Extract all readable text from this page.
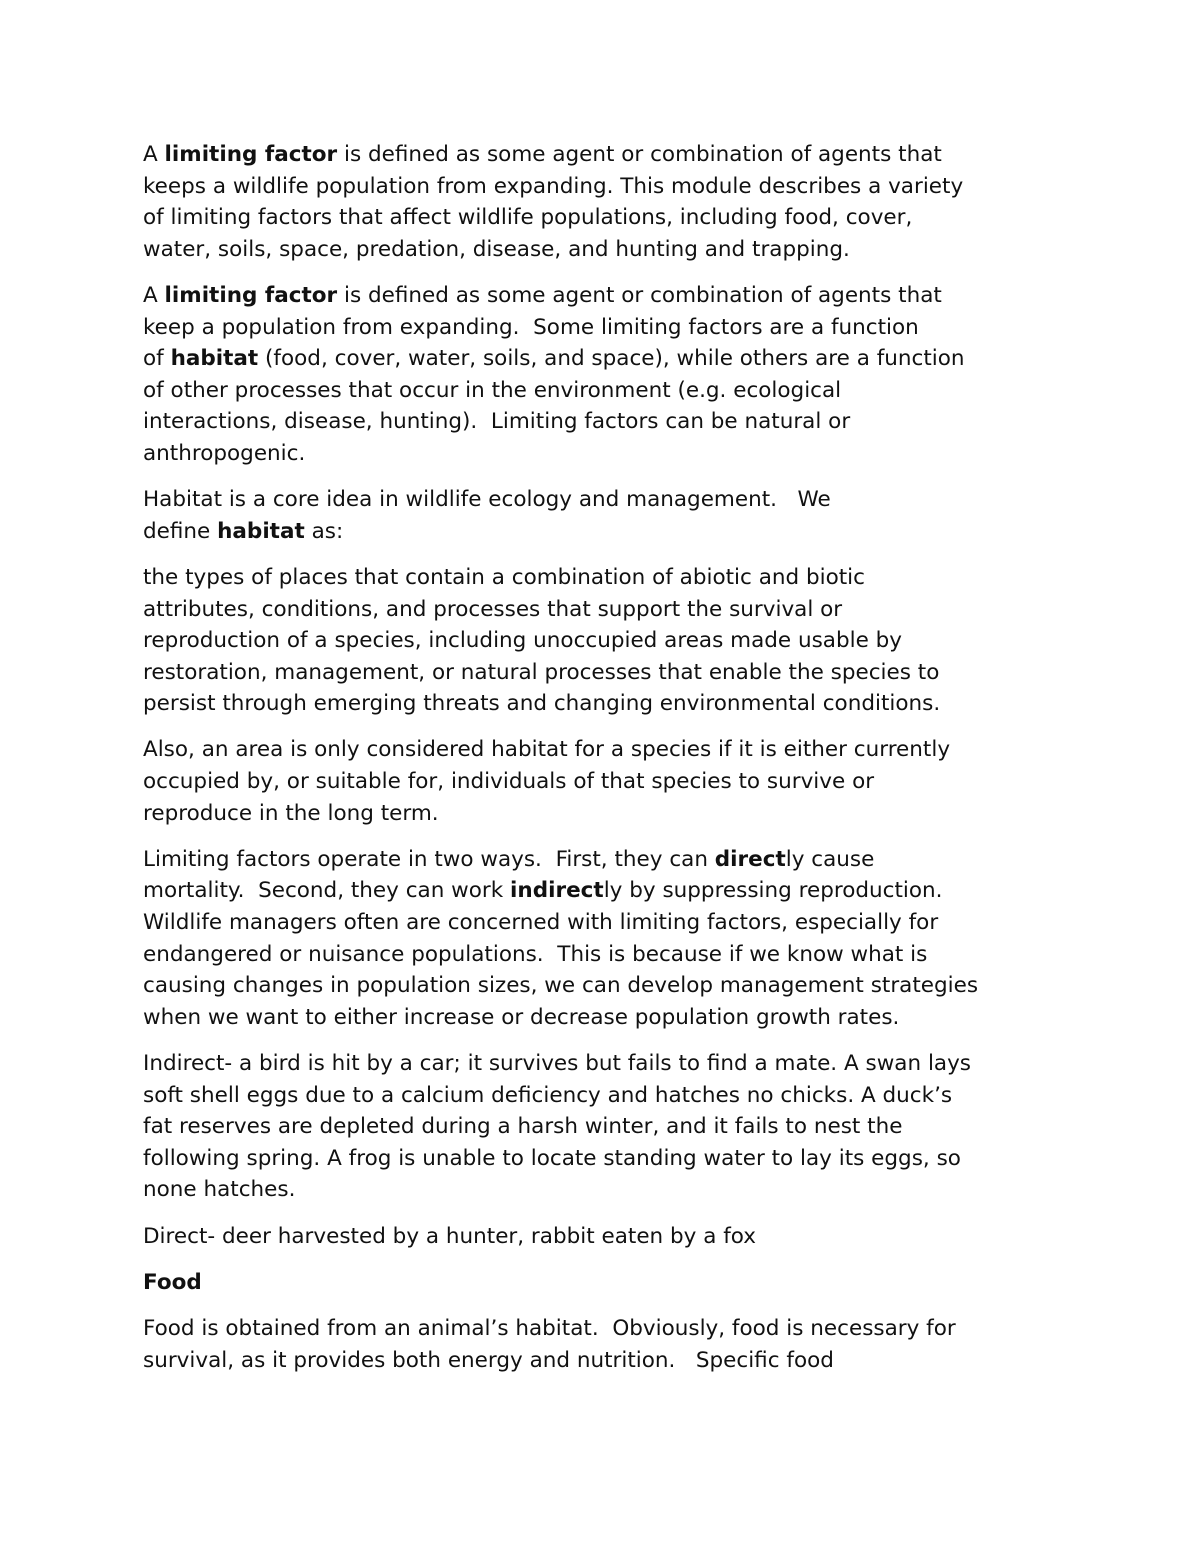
A limiting factor is defined as some agent or combination of agents that
keeps a wildlife population from expanding. This module describes a variety
of limiting factors that affect wildlife populations, including food, cover,
water, soils, space, predation, disease, and hunting and trapping.

A limiting factor is defined as some agent or combination of agents that
keep a population from expanding.  Some limiting factors are a function
of habitat (food, cover, water, soils, and space), while others are a function
of other processes that occur in the environment (e.g. ecological
interactions, disease, hunting).  Limiting factors can be natural or
anthropogenic.

Habitat is a core idea in wildlife ecology and management.   We
define habitat as:

the types of places that contain a combination of abiotic and biotic
attributes, conditions, and processes that support the survival or
reproduction of a species, including unoccupied areas made usable by
restoration, management, or natural processes that enable the species to
persist through emerging threats and changing environmental conditions.

Also, an area is only considered habitat for a species if it is either currently
occupied by, or suitable for, individuals of that species to survive or
reproduce in the long term.

Limiting factors operate in two ways.  First, they can directly cause
mortality.  Second, they can work indirectly by suppressing reproduction.
Wildlife managers often are concerned with limiting factors, especially for
endangered or nuisance populations.  This is because if we know what is
causing changes in population sizes, we can develop management strategies
when we want to either increase or decrease population growth rates.

Indirect- a bird is hit by a car; it survives but fails to find a mate. A swan lays
soft shell eggs due to a calcium deficiency and hatches no chicks. A duck’s
fat reserves are depleted during a harsh winter, and it fails to nest the
following spring. A frog is unable to locate standing water to lay its eggs, so
none hatches.

Direct- deer harvested by a hunter, rabbit eaten by a fox

Food

Food is obtained from an animal’s habitat.  Obviously, food is necessary for
survival, as it provides both energy and nutrition.   Specific food
